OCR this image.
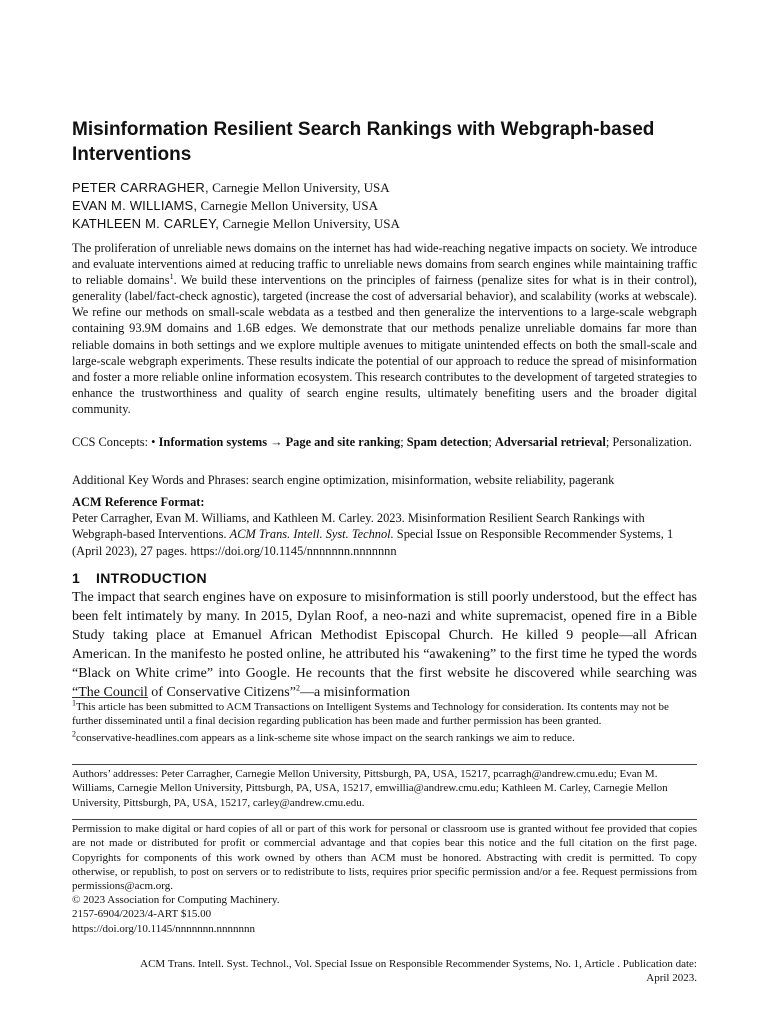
Misinformation Resilient Search Rankings with Webgraph-based Interventions
PETER CARRAGHER, Carnegie Mellon University, USA
EVAN M. WILLIAMS, Carnegie Mellon University, USA
KATHLEEN M. CARLEY, Carnegie Mellon University, USA

The proliferation of unreliable news domains on the internet has had wide-reaching negative impacts on society. We introduce and evaluate interventions aimed at reducing traffic to unreliable news domains from search engines while maintaining traffic to reliable domains$^1$. We build these interventions on the principles of fairness (penalize sites for what is in their control), generality (label/fact-check agnostic), targeted (increase the cost of adversarial behavior), and scalability (works at webscale). We refine our methods on small-scale webdata as a testbed and then generalize the interventions to a large-scale webgraph containing 93.9M domains and 1.6B edges. We demonstrate that our methods penalize unreliable domains far more than reliable domains in both settings and we explore multiple avenues to mitigate unintended effects on both the small-scale and large-scale webgraph experiments. These results indicate the potential of our approach to reduce the spread of misinformation and foster a more reliable online information ecosystem. This research contributes to the development of targeted strategies to enhance the trustworthiness and quality of search engine results, ultimately benefiting users and the broader digital community.

CCS Concepts: • Information systems → Page and site ranking; Spam detection; Adversarial retrieval; Personalization.

Additional Key Words and Phrases: search engine optimization, misinformation, website reliability, pagerank

ACM Reference Format:
Peter Carragher, Evan M. Williams, and Kathleen M. Carley. 2023. Misinformation Resilient Search Rankings with Webgraph-based Interventions. ACM Trans. Intell. Syst. Technol. Special Issue on Responsible Recommender Systems, 1 (April 2023), 27 pages. https://doi.org/10.1145/nnnnnnn.nnnnnnn

1 INTRODUCTION

The impact that search engines have on exposure to misinformation is still poorly understood, but the effect has been felt intimately by many. In 2015, Dylan Roof, a neo-nazi and white supremacist, opened fire in a Bible Study taking place at Emanuel African Methodist Episcopal Church. He killed 9 people—all African American. In the manifesto he posted online, he attributed his “awakening” to the first time he typed the words “Black on White crime” into Google. He recounts that the first website he discovered while searching was “The Council of Conservative Citizens”$^2$—a misinformation

$^1$This article has been submitted to ACM Transactions on Intelligent Systems and Technology for consideration. Its contents may not be further disseminated until a final decision regarding publication has been made and further permission has been granted.

$^2$conservative-headlines.com appears as a link-scheme site whose impact on the search rankings we aim to reduce.

Authors’ addresses: Peter Carragher, Carnegie Mellon University, Pittsburgh, PA, USA, 15217, pcarragh@andrew.cmu.edu; Evan M. Williams, Carnegie Mellon University, Pittsburgh, PA, USA, 15217, emwillia@andrew.cmu.edu; Kathleen M. Carley, Carnegie Mellon University, Pittsburgh, PA, USA, 15217, carley@andrew.cmu.edu.

Permission to make digital or hard copies of all or part of this work for personal or classroom use is granted without fee provided that copies are not made or distributed for profit or commercial advantage and that copies bear this notice and the full citation on the first page. Copyrights for components of this work owned by others than ACM must be honored. Abstracting with credit is permitted. To copy otherwise, or republish, to post on servers or to redistribute to lists, requires prior specific permission and/or a fee. Request permissions from permissions@acm.org.

© 2023 Association for Computing Machinery.
2157-6904/2023/4-ART $15.00
https://doi.org/10.1145/nnnnnnn.nnnnnnn
ACM Trans. Intell. Syst. Technol., Vol. Special Issue on Responsible Recommender Systems, No. 1, Article . Publication date:
April 2023.
